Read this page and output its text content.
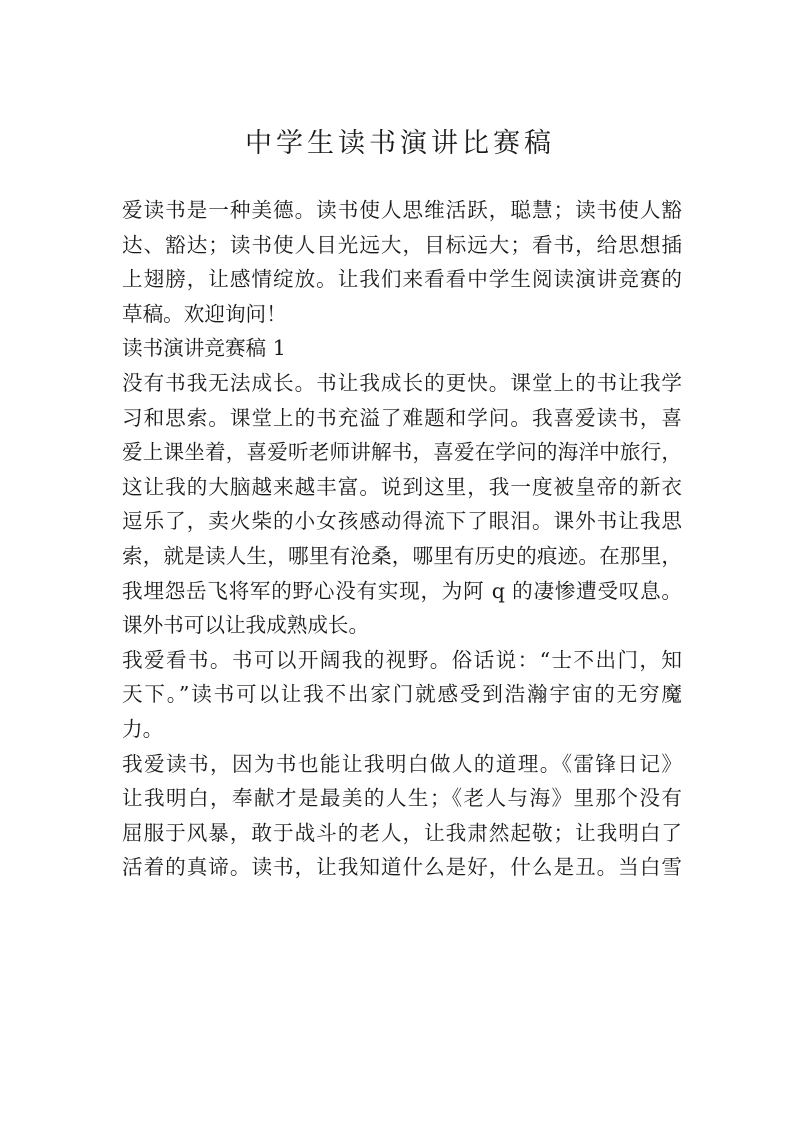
中学生读书演讲比赛稿

爱读书是一种美德。读书使人思维活跃，聪慧；读书使人豁
达、豁达；读书使人目光远大，目标远大；看书，给思想插
上翅膀，让感情绽放。让我们来看看中学生阅读演讲竞赛的
草稿。欢迎询问！

读书演讲竞赛稿 1

没有书我无法成长。书让我成长的更快。课堂上的书让我学
习和思索。课堂上的书充溢了难题和学问。我喜爱读书，喜
爱上课坐着，喜爱听老师讲解书，喜爱在学问的海洋中旅行，
这让我的大脑越来越丰富。说到这里，我一度被皇帝的新衣
逗乐了，卖火柴的小女孩感动得流下了眼泪。课外书让我思
索，就是读人生，哪里有沧桑，哪里有历史的痕迹。在那里，
我埋怨岳飞将军的野心没有实现，为阿 q 的凄惨遭受叹息。
课外书可以让我成熟成长。

我爱看书。书可以开阔我的视野。俗话说：“士不出门，知
天下。”读书可以让我不出家门就感受到浩瀚宇宙的无穷魔
力。

我爱读书，因为书也能让我明白做人的道理。《雷锋日记》
让我明白，奉献才是最美的人生；《老人与海》里那个没有
屈服于风暴，敢于战斗的老人，让我肃然起敬；让我明白了
活着的真谛。读书，让我知道什么是好，什么是丑。当白雪
